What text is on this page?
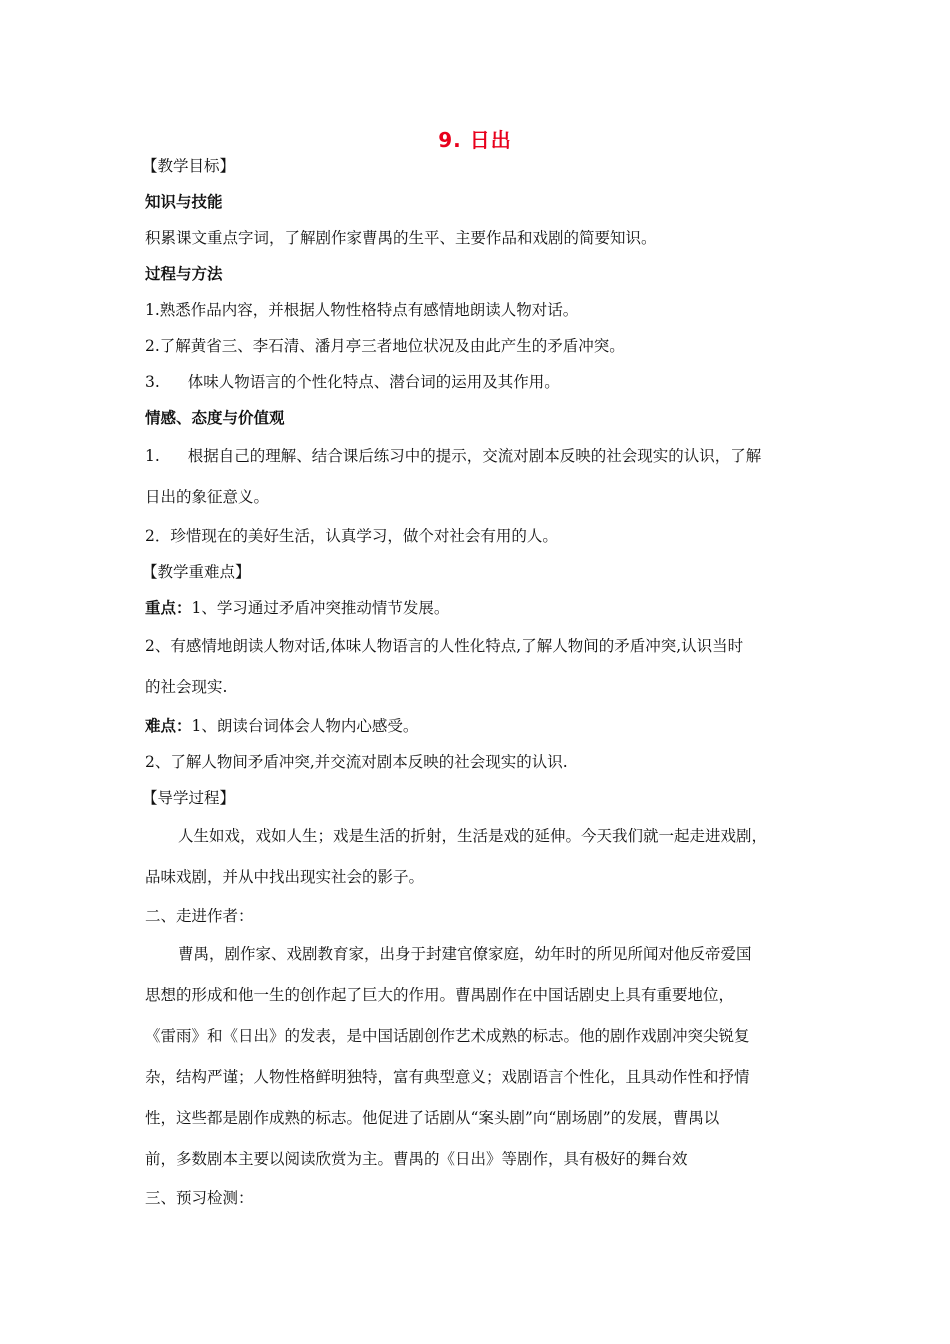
9. 日出
【教学目标】
知识与技能
积累课文重点字词，了解剧作家曹禺的生平、主要作品和戏剧的简要知识。
过程与方法
1.熟悉作品内容，并根据人物性格特点有感情地朗读人物对话。
2.了解黄省三、李石清、潘月亭三者地位状况及由此产生的矛盾冲突。
3. 体味人物语言的个性化特点、潜台词的运用及其作用。
情感、态度与价值观
1. 根据自己的理解、结合课后练习中的提示，交流对剧本反映的社会现实的认识，了解
日出的象征意义。
2．珍惜现在的美好生活，认真学习，做个对社会有用的人。
【教学重难点】
重点：1、学习通过矛盾冲突推动情节发展。
2、有感情地朗读人物对话,体味人物语言的人性化特点,了解人物间的矛盾冲突,认识当时
的社会现实.
难点：1、朗读台词体会人物内心感受。
2、了解人物间矛盾冲突,并交流对剧本反映的社会现实的认识.
【导学过程】
人生如戏，戏如人生；戏是生活的折射，生活是戏的延伸。今天我们就一起走进戏剧，
品味戏剧，并从中找出现实社会的影子。
二、走进作者：
曹禺，剧作家、戏剧教育家，出身于封建官僚家庭，幼年时的所见所闻对他反帝爱国
思想的形成和他一生的创作起了巨大的作用。曹禺剧作在中国话剧史上具有重要地位，
《雷雨》和《日出》的发表，是中国话剧创作艺术成熟的标志。他的剧作戏剧冲突尖锐复
杂，结构严谨；人物性格鲜明独特，富有典型意义；戏剧语言个性化，且具动作性和抒情
性，这些都是剧作成熟的标志。他促进了话剧从“案头剧”向“剧场剧”的发展，曹禺以
前，多数剧本主要以阅读欣赏为主。曹禺的《日出》等剧作，具有极好的舞台效
三、预习检测：
